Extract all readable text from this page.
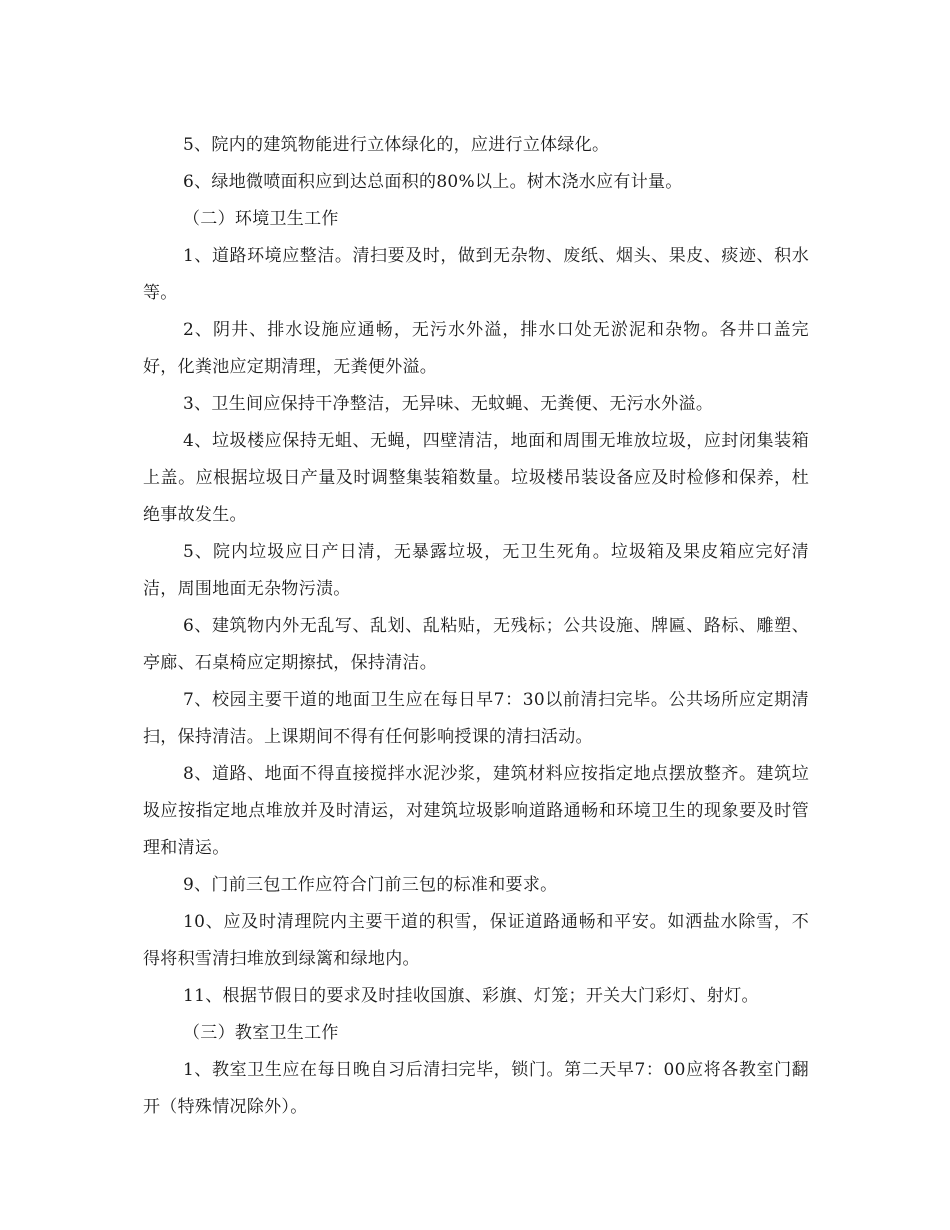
5、院内的建筑物能进行立体绿化的，应进行立体绿化。

6、绿地微喷面积应到达总面积的80%以上。树木浇水应有计量。

（二）环境卫生工作

1、道路环境应整洁。清扫要及时，做到无杂物、废纸、烟头、果皮、痰迹、积水等。

2、阴井、排水设施应通畅，无污水外溢，排水口处无淤泥和杂物。各井口盖完好，化粪池应定期清理，无粪便外溢。

3、卫生间应保持干净整洁，无异味、无蚊蝇、无粪便、无污水外溢。

4、垃圾楼应保持无蛆、无蝇，四壁清洁，地面和周围无堆放垃圾，应封闭集装箱上盖。应根据垃圾日产量及时调整集装箱数量。垃圾楼吊装设备应及时检修和保养，杜绝事故发生。

5、院内垃圾应日产日清，无暴露垃圾，无卫生死角。垃圾箱及果皮箱应完好清洁，周围地面无杂物污渍。

6、建筑物内外无乱写、乱划、乱粘贴，无残标；公共设施、牌匾、路标、雕塑、亭廊、石桌椅应定期擦拭，保持清洁。

7、校园主要干道的地面卫生应在每日早7：30以前清扫完毕。公共场所应定期清扫，保持清洁。上课期间不得有任何影响授课的清扫活动。

8、道路、地面不得直接搅拌水泥沙浆，建筑材料应按指定地点摆放整齐。建筑垃圾应按指定地点堆放并及时清运，对建筑垃圾影响道路通畅和环境卫生的现象要及时管理和清运。

9、门前三包工作应符合门前三包的标准和要求。

10、应及时清理院内主要干道的积雪，保证道路通畅和平安。如洒盐水除雪，不得将积雪清扫堆放到绿篱和绿地内。

11、根据节假日的要求及时挂收国旗、彩旗、灯笼；开关大门彩灯、射灯。

（三）教室卫生工作

1、教室卫生应在每日晚自习后清扫完毕，锁门。第二天早7：00应将各教室门翻开（特殊情况除外）。
